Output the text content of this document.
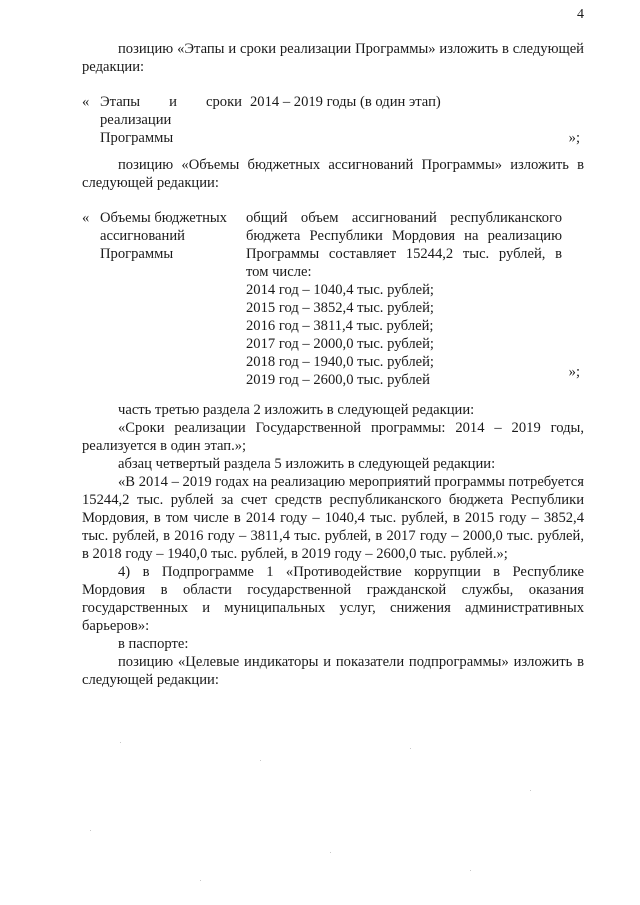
4

позицию «Этапы и сроки реализации Программы» изложить в следующей редакции:

« Этапы и сроки
реализации
Программы
2014 – 2019 годы (в один этап)
»;

позицию «Объемы бюджетных ассигнований Программы» изложить в следующей редакции:

« Объемы бюджетных
ассигнований
Программы
общий объем ассигнований республиканского
бюджета Республики Мордовия на реализацию
Программы составляет 15244,2 тыс. рублей, в
том числе:
2014 год – 1040,4 тыс. рублей;
2015 год – 3852,4 тыс. рублей;
2016 год – 3811,4 тыс. рублей;
2017 год – 2000,0 тыс. рублей;
2018 год – 1940,0 тыс. рублей;
2019 год – 2600,0 тыс. рублей	»;

часть третью раздела 2 изложить в следующей редакции:

«Сроки реализации Государственной программы: 2014 – 2019 годы, реализуется в один этап.»;

абзац четвертый раздела 5 изложить в следующей редакции:

«В 2014 – 2019 годах на реализацию мероприятий программы потребуется 15244,2 тыс. рублей за счет средств республиканского бюджета Республики Мордовия, в том числе в 2014 году – 1040,4 тыс. рублей, в 2015 году – 3852,4 тыс. рублей, в 2016 году – 3811,4 тыс. рублей, в 2017 году – 2000,0 тыс. рублей, в 2018 году – 1940,0 тыс. рублей, в 2019 году – 2600,0 тыс. рублей.»;

4) в Подпрограмме 1 «Противодействие коррупции в Республике Мордовия в области государственной гражданской службы, оказания государственных и муниципальных услуг, снижения административных барьеров»:

в паспорте:

позицию «Целевые индикаторы и показатели подпрограммы» изложить в следующей редакции:
